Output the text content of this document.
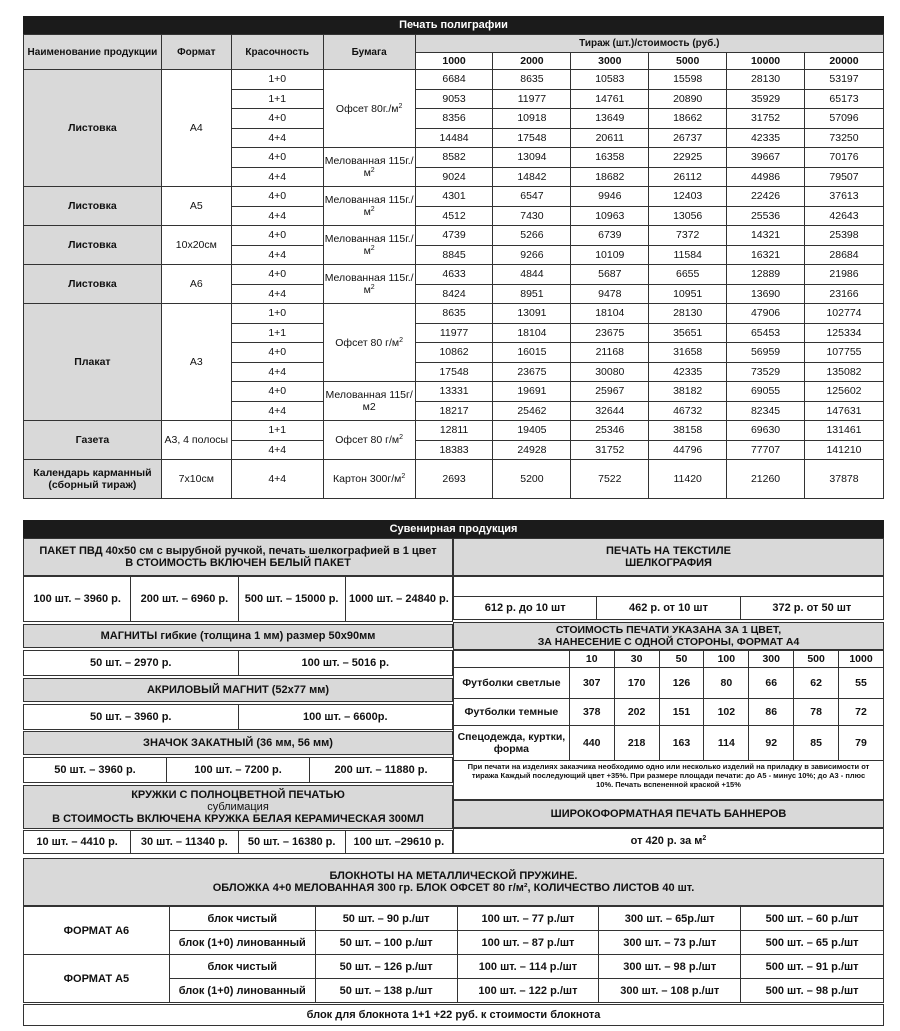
Печать полиграфии
Наименование продукции	Формат	Красочность	Бумага	Тираж (шт.)/стоимость (руб.)					
				1000	2000	3000	5000	10000	20000
Листовка	А4	1+0	Офсет $80г./м^2$	6684	8635	10583	15598	28130	53197
		1+1		9053	11977	14761	20890	35929	65173
		4+0		8356	10918	13649	18662	31752	57096
		4+4		14484	17548	20611	26737	42335	73250
		4+0	Мелованная $115г./м^2$	8582	13094	16358	22925	39667	70176
		4+4		9024	14842	18682	26112	44986	79507
Листовка	А5	4+0	Мелованная $115г./м^2$	4301	6547	9946	12403	22426	37613
		4+4		4512	7430	10963	13056	25536	42643
Листовка	10х20см	4+0	Мелованная $115г./м^2$	4739	5266	6739	7372	14321	25398
		4+4		8845	9266	10109	11584	16321	28684
Листовка	А6	4+0	Мелованная $115г./м^2$	4633	4844	5687	6655	12889	21986
		4+4		8424	8951	9478	10951	13690	23166
Плакат	А3	1+0	Офсет 80 $г/м^2$	8635	13091	18104	28130	47906	102774
		1+1		11977	18104	23675	35651	65453	125334
		4+0		10862	16015	21168	31658	56959	107755
		4+4		17548	23675	30080	42335	73529	135082
		4+0	Мелованная 115г/м2	13331	19691	25967	38182	69055	125602
		4+4		18217	25462	32644	46732	82345	147631
Газета	А3, 4 полосы	1+1	Офсет 80 $г/м^2$	12811	19405	25346	38158	69630	131461
		4+4		18383	24928	31752	44796	77707	141210
Календарь карманный (сборный тираж)	7х10см	4+4	Картон $300г/м^2$	2693	5200	7522	11420	21260	37878
Сувенирная продукция
ПАКЕТ ПВД 40х50 см с вырубной ручкой, печать шелкографией в 1 цвет
В СТОИМОСТЬ ВКЛЮЧЕН БЕЛЫЙ ПАКЕТ
100 шт. – 3960 р.	200 шт. – 6960 р.	500 шт. – 15000 р. 1000 шт. – 24840 р.
МАГНИТЫ гибкие (толщина 1 мм) размер 50х90мм
50 шт. – 2970 р.	100 шт. – 5016 р.
АКРИЛОВЫЙ МАГНИТ (52х77 мм)
50 шт. – 3960 р.	100 шт. – 6600р.
ЗНАЧОК ЗАКАТНЫЙ (36 мм, 56 мм)
50 шт. – 3960 р.	100 шт. – 7200 р.	200 шт. – 11880 р.
КРУЖКИ С ПОЛНОЦВЕТНОЙ ПЕЧАТЬЮ
сублимация
В СТОИМОСТЬ ВКЛЮЧЕНА КРУЖКА БЕЛАЯ КЕРАМИЧЕСКАЯ 300МЛ
10 шт. – 4410 р.	30 шт. – 11340 р.	50 шт. – 16380 р.	100 шт. –29610 р.
ПЕЧАТЬ НА ТЕКСТИЛЕ
ШЕЛКОГРАФИЯ
612 р. до 10 шт	462 р. от 10 шт	372 р. от 50 шт
СТОИМОСТЬ ПЕЧАТИ УКАЗАНА ЗА 1 ЦВЕТ,
ЗА НАНЕСЕНИЕ С ОДНОЙ СТОРОНЫ, ФОРМАТ А4
	10	30	50	100	300	500	1000
Футболки светлые	307	170	126	80	66	62	55
Футболки темные	378	202	151	102	86	78	72
Спецодежда, куртки, форма	440	218	163	114	92	85	79
При печати на изделиях заказчика необходимо одно или несколько изделий на приладку в зависимости от тиража Каждый последующий цвет +35%. При размере площади печати: до А5 - минус 10%; до А3 - плюс 10%. Печать вспененной краской +15%
ШИРОКОФОРМАТНАЯ ПЕЧАТЬ БАННЕРОВ
от 420 р. за $м^2$
БЛОКНОТЫ НА МЕТАЛЛИЧЕСКОЙ ПРУЖИНЕ.
ОБЛОЖКА 4+0 МЕЛОВАННАЯ 300 гр. БЛОК ОФСЕТ 80 г/м², КОЛИЧЕСТВО ЛИСТОВ 40 шт.
ФОРМАТ А6	блок чистый	50 шт. – 90 р./шт	100 шт. – 77 р./шт	300 шт. – 65р./шт	500 шт. – 60 р./шт
	блок (1+0) линованный	50 шт. – 100 р./шт	100 шт. – 87 р./шт	300 шт. – 73 р./шт	500 шт. – 65 р./шт
ФОРМАТ А5	блок чистый	50 шт. – 126 р./шт	100 шт. – 114 р./шт	300 шт. – 98 р./шт	500 шт. – 91 р./шт
	блок (1+0) линованный	50 шт. – 138 р./шт	100 шт. – 122 р./шт	300 шт. – 108 р./шт	500 шт. – 98 р./шт
блок для блокнота 1+1 +22 руб. к стоимости блокнота
